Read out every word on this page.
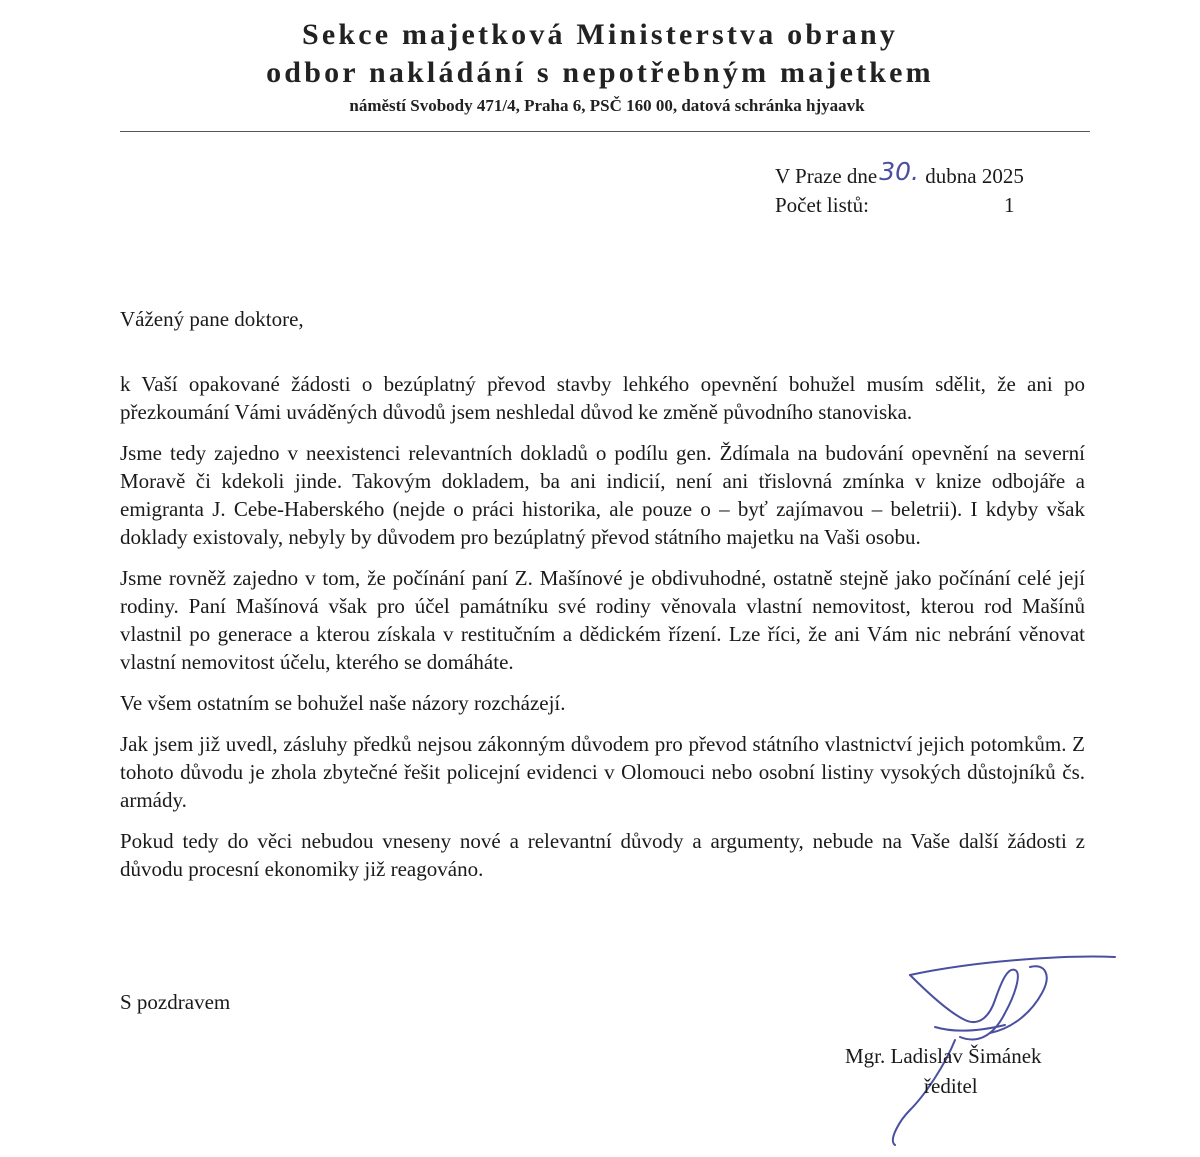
Sekce majetková Ministerstva obrany
odbor nakládání s nepotřebným majetkem
náměstí Svobody 471/4, Praha 6, PSČ 160 00, datová schránka hjyaavk
V Praze dne30. dubna 2025
Počet listů:	1
Vážený pane doktore,

k Vaší opakované žádosti o bezúplatný převod stavby lehkého opevnění bohužel musím sdělit, že ani po přezkoumání Vámi uváděných důvodů jsem neshledal důvod ke změně původního stanoviska.

Jsme tedy zajedno v neexistenci relevantních dokladů o podílu gen. Ždímala na budování opevnění na severní Moravě či kdekoli jinde. Takovým dokladem, ba ani indicií, není ani třislovná zmínka v knize odbojáře a emigranta J. Cebe-Haberského (nejde o práci historika, ale pouze o – byť zajímavou – beletrii). I kdyby však doklady existovaly, nebyly by důvodem pro bezúplatný převod státního majetku na Vaši osobu.

Jsme rovněž zajedno v tom, že počínání paní Z. Mašínové je obdivuhodné, ostatně stejně jako počínání celé její rodiny. Paní Mašínová však pro účel památníku své rodiny věnovala vlastní nemovitost, kterou rod Mašínů vlastnil po generace a kterou získala v restitučním a dědickém řízení. Lze říci, že ani Vám nic nebrání věnovat vlastní nemovitost účelu, kterého se domáháte.

Ve všem ostatním se bohužel naše názory rozcházejí.

Jak jsem již uvedl, zásluhy předků nejsou zákonným důvodem pro převod státního vlastnictví jejich potomkům. Z tohoto důvodu je zhola zbytečné řešit policejní evidenci v Olomouci nebo osobní listiny vysokých důstojníků čs. armády.

Pokud tedy do věci nebudou vneseny nové a relevantní důvody a argumenty, nebude na Vaše další žádosti z důvodu procesní ekonomiky již reagováno.

S pozdravem
Mgr. Ladislav Šimánek
ředitel
